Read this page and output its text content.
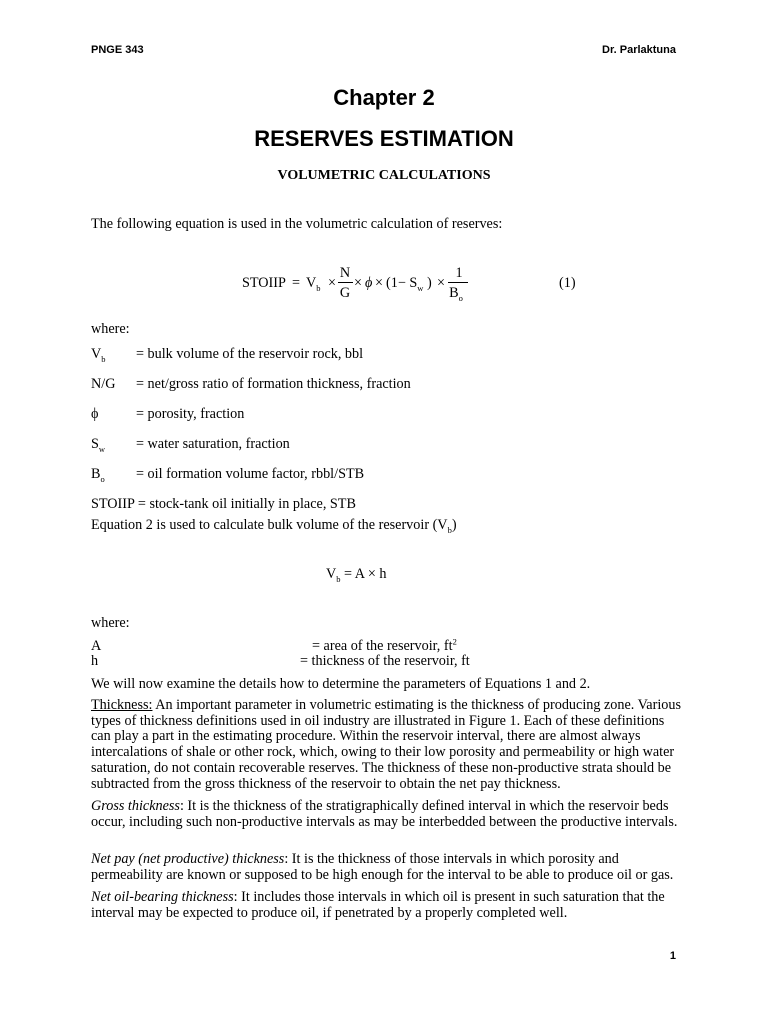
PNGE 343	Dr. Parlaktuna
Chapter 2
RESERVES ESTIMATION
VOLUMETRIC CALCULATIONS
The following equation is used in the volumetric calculation of reserves:
STOIIP = $V_b$ ×
N
G
× $\phi \times (1- S_w$ ) ×
1
$B_o$
(1)
where:
$V_b$ = bulk volume of the reservoir rock, bbl
N/G = net/gross ratio of formation thickness, fraction
ϕ	= porosity, fraction
$S_w$ = water saturation, fraction
$B_o$ = oil formation volume factor, rbbl/STB
STOIIP = stock-tank oil initially in place, STB
Equation 2 is used to calculate bulk volume of the reservoir $(V_b)$
$V_b = A \times h$
where:
A	= area of the reservoir, $ft^2$
h	= thickness of the reservoir, ft
We will now examine the details how to determine the parameters of Equations 1 and 2.

Thickness: An important parameter in volumetric estimating is the thickness of producing zone. Various types of thickness definitions used in oil industry are illustrated in Figure 1. Each of these definitions can play a part in the estimating procedure. Within the reservoir interval, there are almost always intercalations of shale or other rock, which, owing to their low porosity and permeability or high water saturation, do not contain recoverable reserves. The thickness of these non-productive strata should be subtracted from the gross thickness of the reservoir to obtain the net pay thickness.

Gross thickness: It is the thickness of the stratigraphically defined interval in which the reservoir beds occur, including such non-productive intervals as may be interbedded between the productive intervals.

Net pay (net productive) thickness: It is the thickness of those intervals in which porosity and permeability are known or supposed to be high enough for the interval to be able to produce oil or gas.

Net oil-bearing thickness: It includes those intervals in which oil is present in such saturation that the interval may be expected to produce oil, if penetrated by a properly completed well.

1
